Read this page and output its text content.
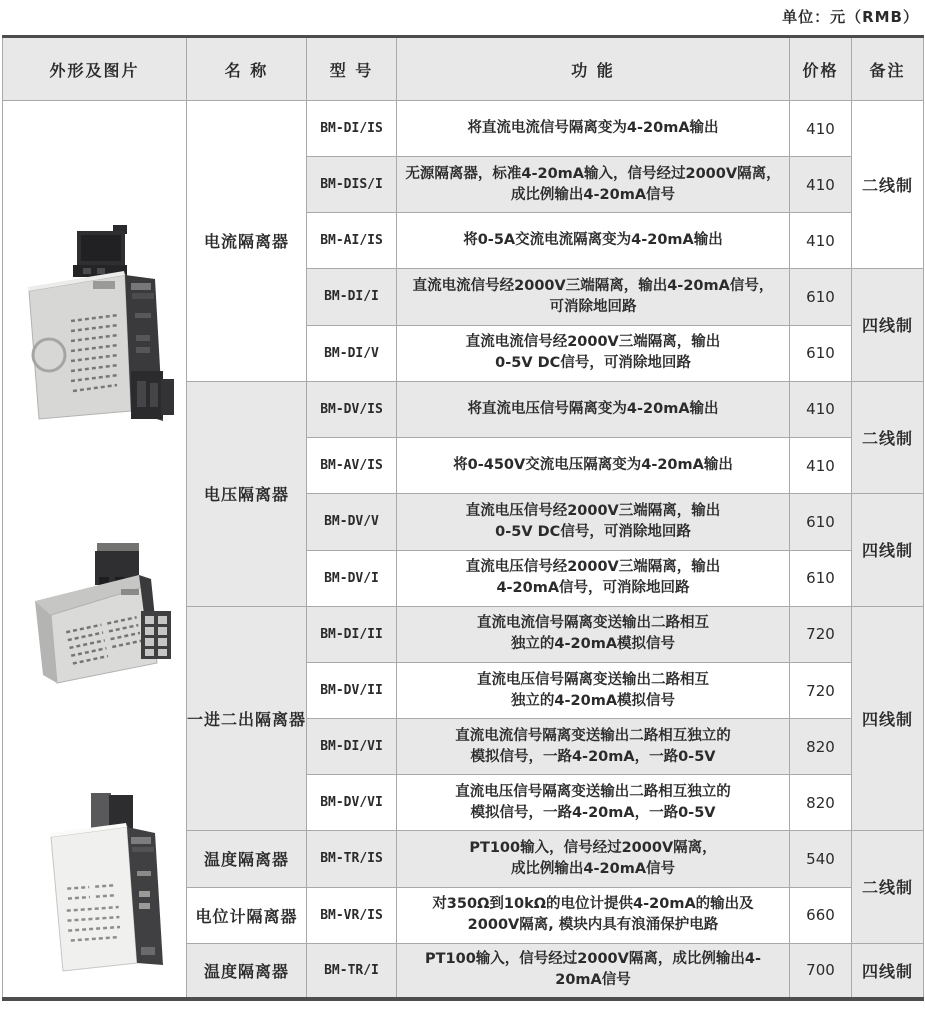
单位：元（RMB）
外形及图片	名 称	型 号	功 能	价格	备注

	电流隔离器	BM-DI/IS	将直流电流信号隔离变为4-20mA输出	410	二线制
		BM-DIS/I	无源隔离器，标准4-20mA输入，信号经过2000V隔离，
成比例输出4-20mA信号	410	
		BM-AI/IS	将0-5A交流电流隔离变为4-20mA输出	410	
		BM-DI/I	直流电流信号经2000V三端隔离，输出4-20mA信号，
可消除地回路	610	四线制
		BM-DI/V	直流电流信号经2000V三端隔离，输出
0-5V DC信号，可消除地回路	610	
	电压隔离器	BM-DV/IS	将直流电压信号隔离变为4-20mA输出	410	二线制
		BM-AV/IS	将0-450V交流电压隔离变为4-20mA输出	410	
		BM-DV/V	直流电压信号经2000V三端隔离，输出
0-5V DC信号，可消除地回路	610	四线制
		BM-DV/I	直流电压信号经2000V三端隔离，输出
4-20mA信号，可消除地回路	610	
	一进二出隔离器	BM-DI/II	直流电流信号隔离变送输出二路相互
独立的4-20mA模拟信号	720	四线制
		BM-DV/II	直流电压信号隔离变送输出二路相互
独立的4-20mA模拟信号	720	
		BM-DI/VI	直流电流信号隔离变送输出二路相互独立的
模拟信号，一路4-20mA，一路0-5V	820	
		BM-DV/VI	直流电压信号隔离变送输出二路相互独立的
模拟信号，一路4-20mA，一路0-5V	820	
	温度隔离器	BM-TR/IS	PT100输入，信号经过2000V隔离，
成比例输出4-20mA信号	540	二线制
	电位计隔离器	BM-VR/IS	对350Ω到10kΩ的电位计提供4-20mA的输出及
2000V隔离, 模块内具有浪涌保护电路	660	
	温度隔离器	BM-TR/I	PT100输入，信号经过2000V隔离，成比例输出4-20mA信号	700	四线制
